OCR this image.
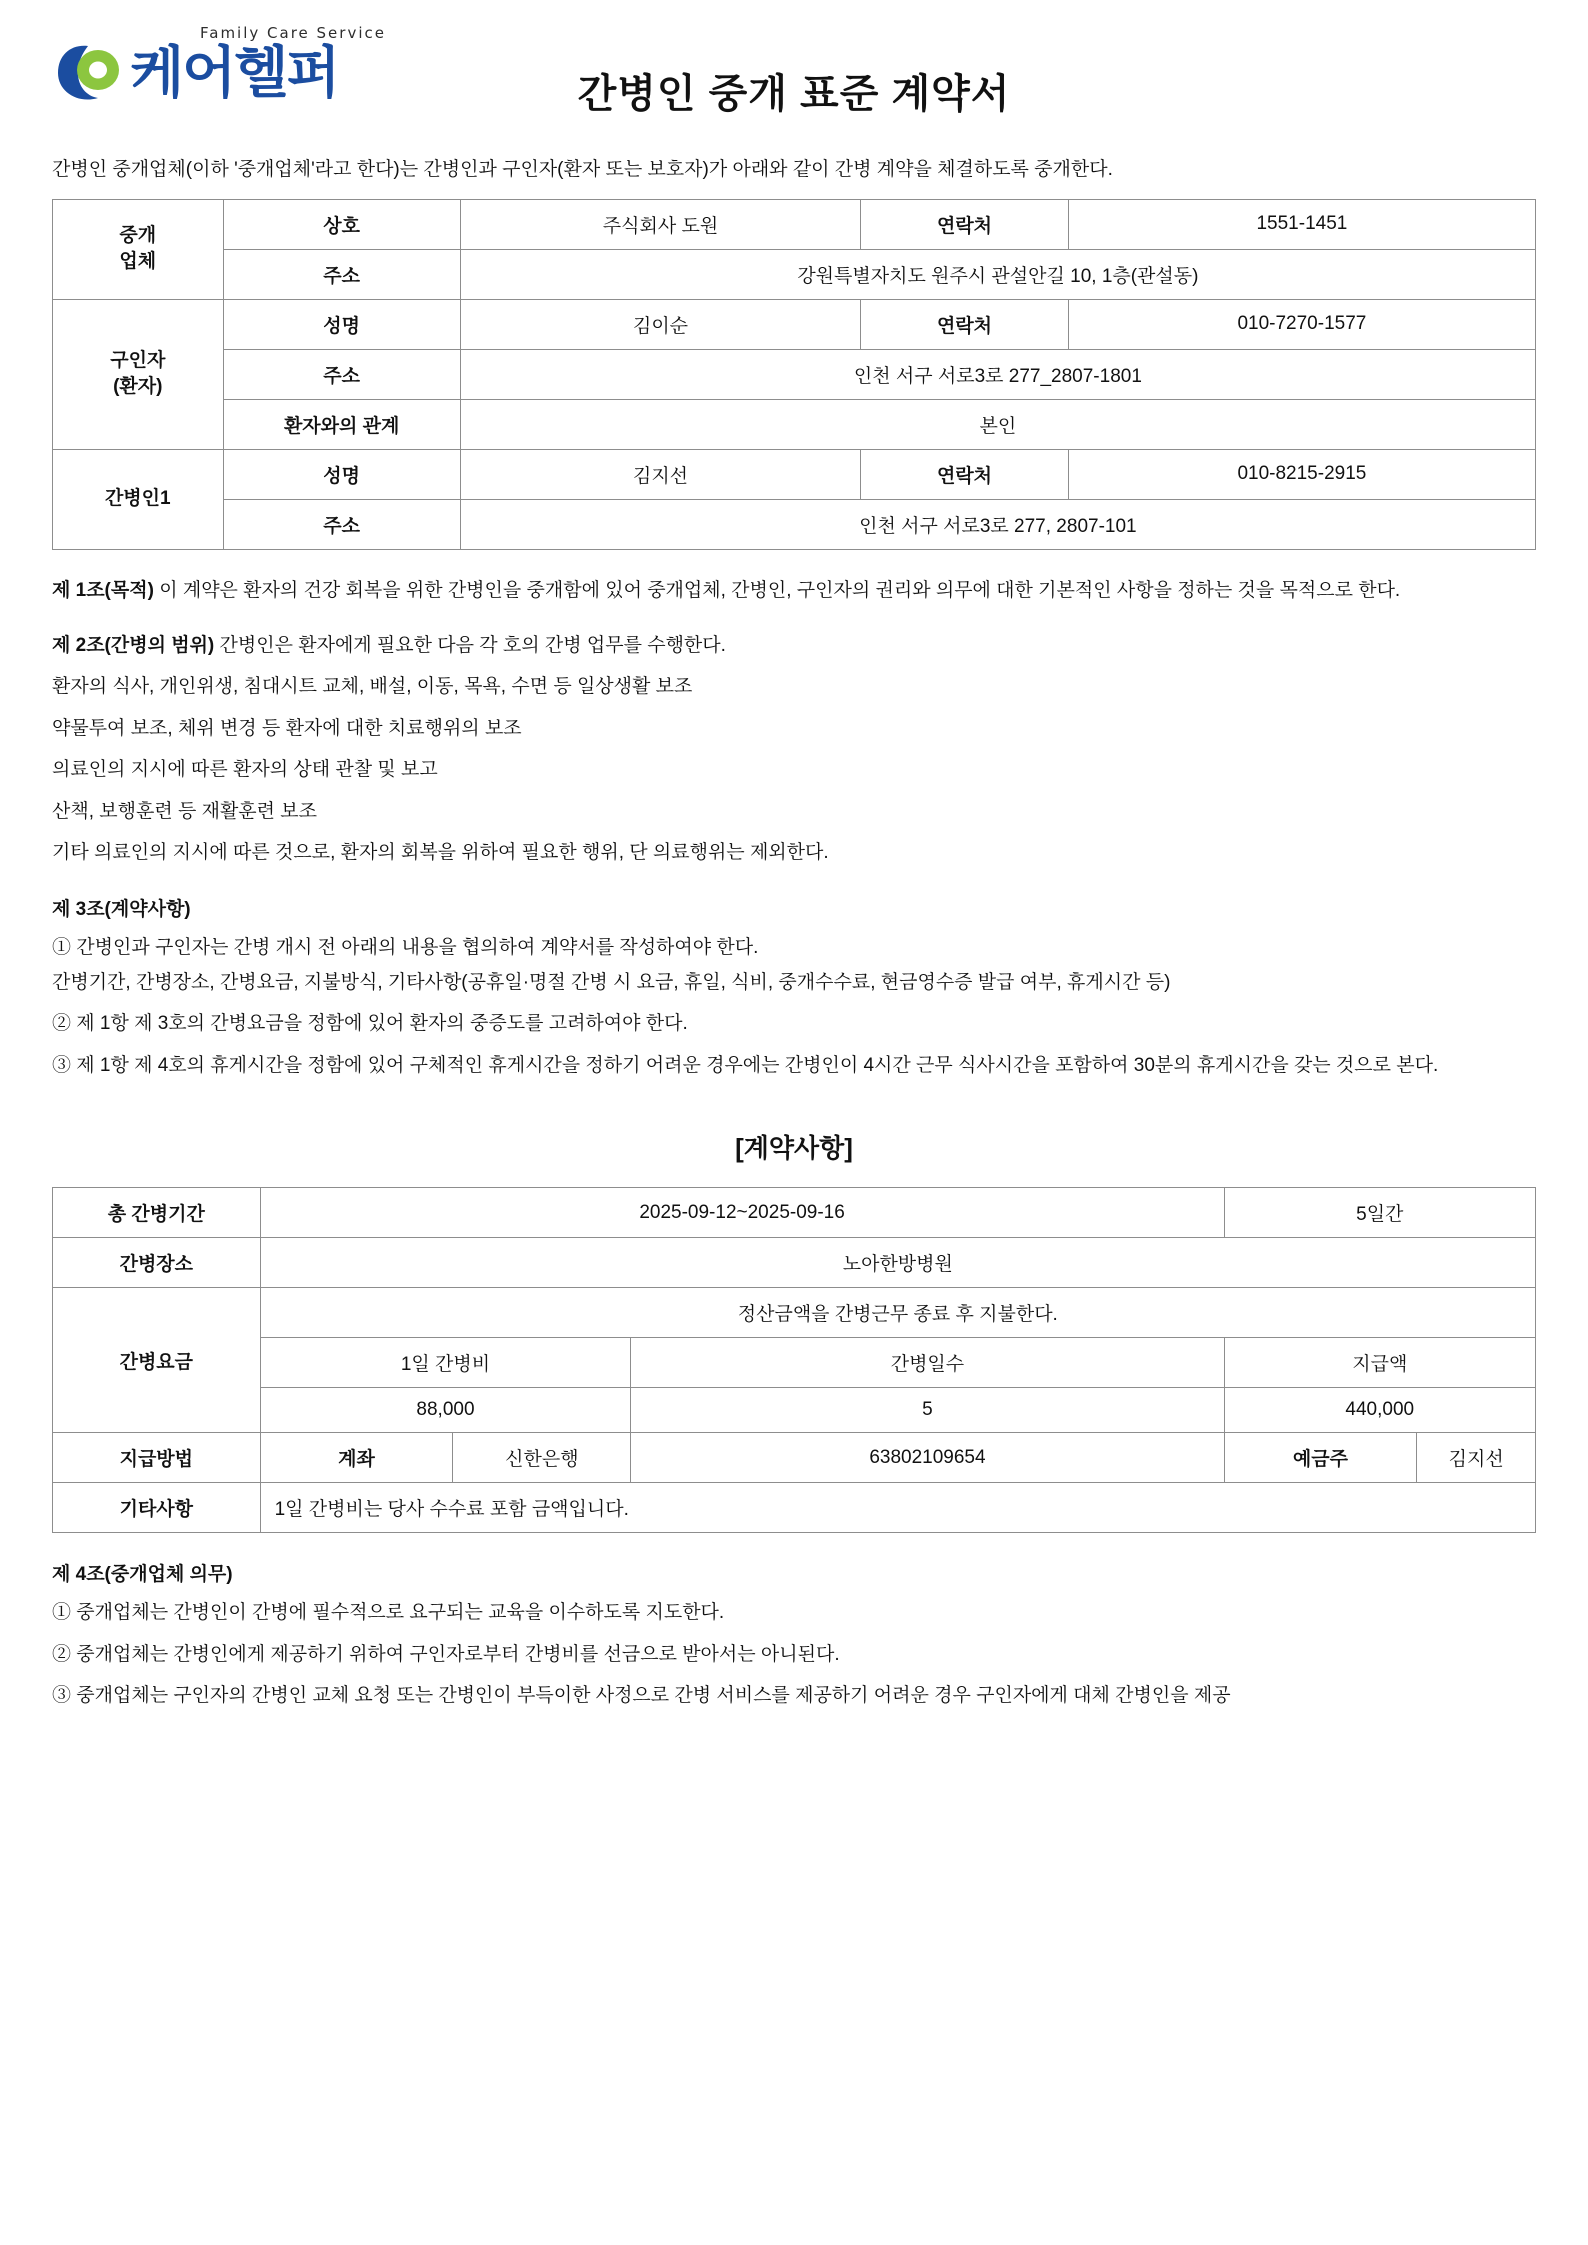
Family Care Service
케어헬퍼	간병인 중개 표준 계약서
간병인 중개업체(이하 '중개업체'라고 한다)는 간병인과 구인자(환자 또는 보호자)가 아래와 같이 간병 계약을 체결하도록 중개한다.
중개
업체	상호	주식회사 도원	연락처	1551-1451
	주소	강원특별자치도 원주시 관설안길 10, 1층(관설동)		
구인자
(환자)	성명	김이순	연락처	010-7270-1577
	주소	인천 서구 서로3로 277_2807-1801		
	환자와의 관계	본인		
간병인1	성명	김지선	연락처	010-8215-2915
	주소	인천 서구 서로3로 277, 2807-101		
제 1조(목적) 이 계약은 환자의 건강 회복을 위한 간병인을 중개함에 있어 중개업체, 간병인, 구인자의 권리와 의무에 대한 기본적인 사항을 정하는 것을 목적으로 한다.
제 2조(간병의 범위) 간병인은 환자에게 필요한 다음 각 호의 간병 업무를 수행한다.
환자의 식사, 개인위생, 침대시트 교체, 배설, 이동, 목욕, 수면 등 일상생활 보조
약물투여 보조, 체위 변경 등 환자에 대한 치료행위의 보조
의료인의 지시에 따른 환자의 상태 관찰 및 보고
산책, 보행훈련 등 재활훈련 보조
기타 의료인의 지시에 따른 것으로, 환자의 회복을 위하여 필요한 행위, 단 의료행위는 제외한다.
제 3조(계약사항)
① 간병인과 구인자는 간병 개시 전 아래의 내용을 협의하여 계약서를 작성하여야 한다.
간병기간, 간병장소, 간병요금, 지불방식, 기타사항(공휴일·명절 간병 시 요금, 휴일, 식비, 중개수수료, 현금영수증 발급 여부, 휴게시간 등)
② 제 1항 제 3호의 간병요금을 정함에 있어 환자의 중증도를 고려하여야 한다.
③ 제 1항 제 4호의 휴게시간을 정함에 있어 구체적인 휴게시간을 정하기 어려운 경우에는 간병인이 4시간 근무 식사시간을 포함하여 30분의 휴게시간을 갖는 것으로 본다.
[계약사항]
총 간병기간	2025-09-12~2025-09-16			5일간	
간병장소	노아한방병원				
간병요금	정산금액을 간병근무 종료 후 지불한다.				
	1일 간병비		간병일수	지급액	
	88,000		5	440,000	
지급방법	계좌	신한은행	63802109654	예금주	김지선
기타사항	1일 간병비는 당사 수수료 포함 금액입니다.				
제 4조(중개업체 의무)
① 중개업체는 간병인이 간병에 필수적으로 요구되는 교육을 이수하도록 지도한다.
② 중개업체는 간병인에게 제공하기 위하여 구인자로부터 간병비를 선금으로 받아서는 아니된다.
③ 중개업체는 구인자의 간병인 교체 요청 또는 간병인이 부득이한 사정으로 간병 서비스를 제공하기 어려운 경우 구인자에게 대체 간병인을 제공
